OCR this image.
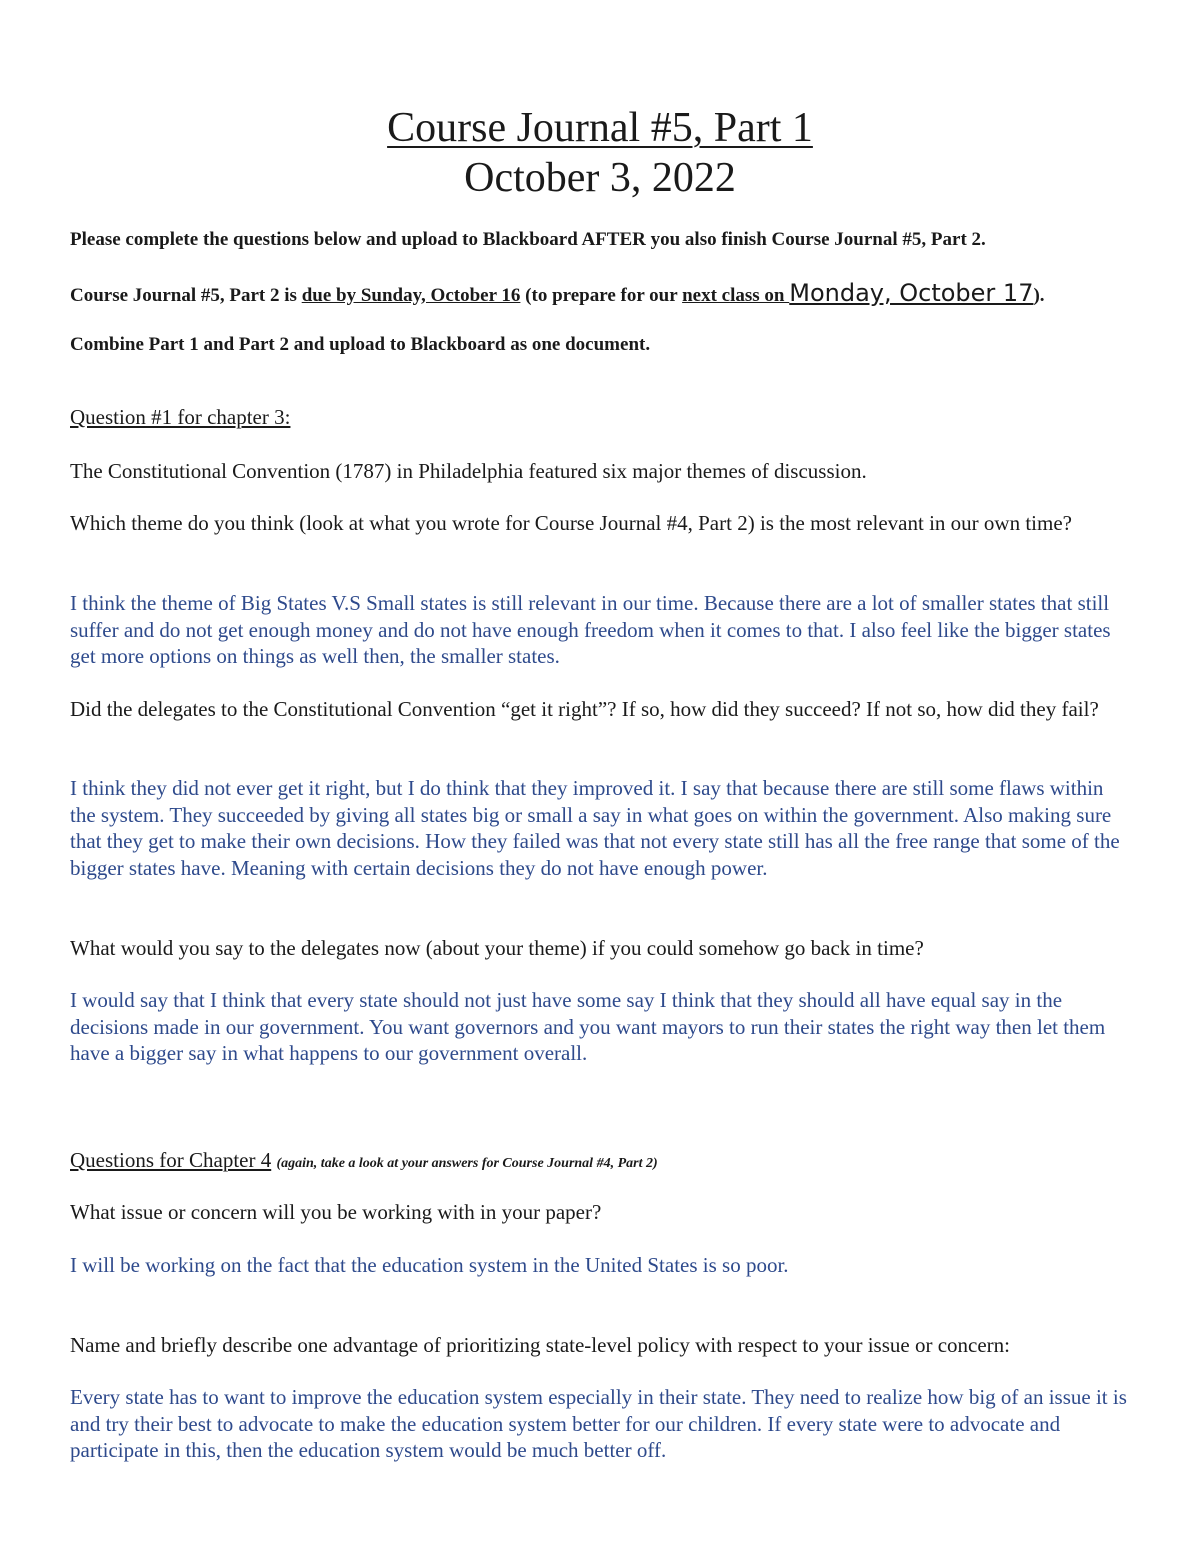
Course Journal #5, Part 1
October 3, 2022
Please complete the questions below and upload to Blackboard AFTER you also finish Course Journal #5, Part 2.
Course Journal #5, Part 2 is due by Sunday, October 16 (to prepare for our next class on Monday, October 17).
Combine Part 1 and Part 2 and upload to Blackboard as one document.
Question #1 for chapter 3:
The Constitutional Convention (1787) in Philadelphia featured six major themes of discussion.
Which theme do you think (look at what you wrote for Course Journal #4, Part 2) is the most relevant in our own time?
I think the theme of Big States V.S Small states is still relevant in our time. Because there are a lot of smaller states that still suffer and do not get enough money and do not have enough freedom when it comes to that. I also feel like the bigger states get more options on things as well then, the smaller states.
Did the delegates to the Constitutional Convention “get it right”? If so, how did they succeed? If not so, how did they fail?
I think they did not ever get it right, but I do think that they improved it. I say that because there are still some flaws within the system. They succeeded by giving all states big or small a say in what goes on within the government. Also making sure that they get to make their own decisions. How they failed was that not every state still has all the free range that some of the bigger states have. Meaning with certain decisions they do not have enough power.
What would you say to the delegates now (about your theme) if you could somehow go back in time?
I would say that I think that every state should not just have some say I think that they should all have equal say in the decisions made in our government. You want governors and you want mayors to run their states the right way then let them have a bigger say in what happens to our government overall.
Questions for Chapter 4 (again, take a look at your answers for Course Journal #4, Part 2)
What issue or concern will you be working with in your paper?
I will be working on the fact that the education system in the United States is so poor.
Name and briefly describe one advantage of prioritizing state-level policy with respect to your issue or concern:
Every state has to want to improve the education system especially in their state. They need to realize how big of an issue it is and try their best to advocate to make the education system better for our children. If every state were to advocate and participate in this, then the education system would be much better off.
